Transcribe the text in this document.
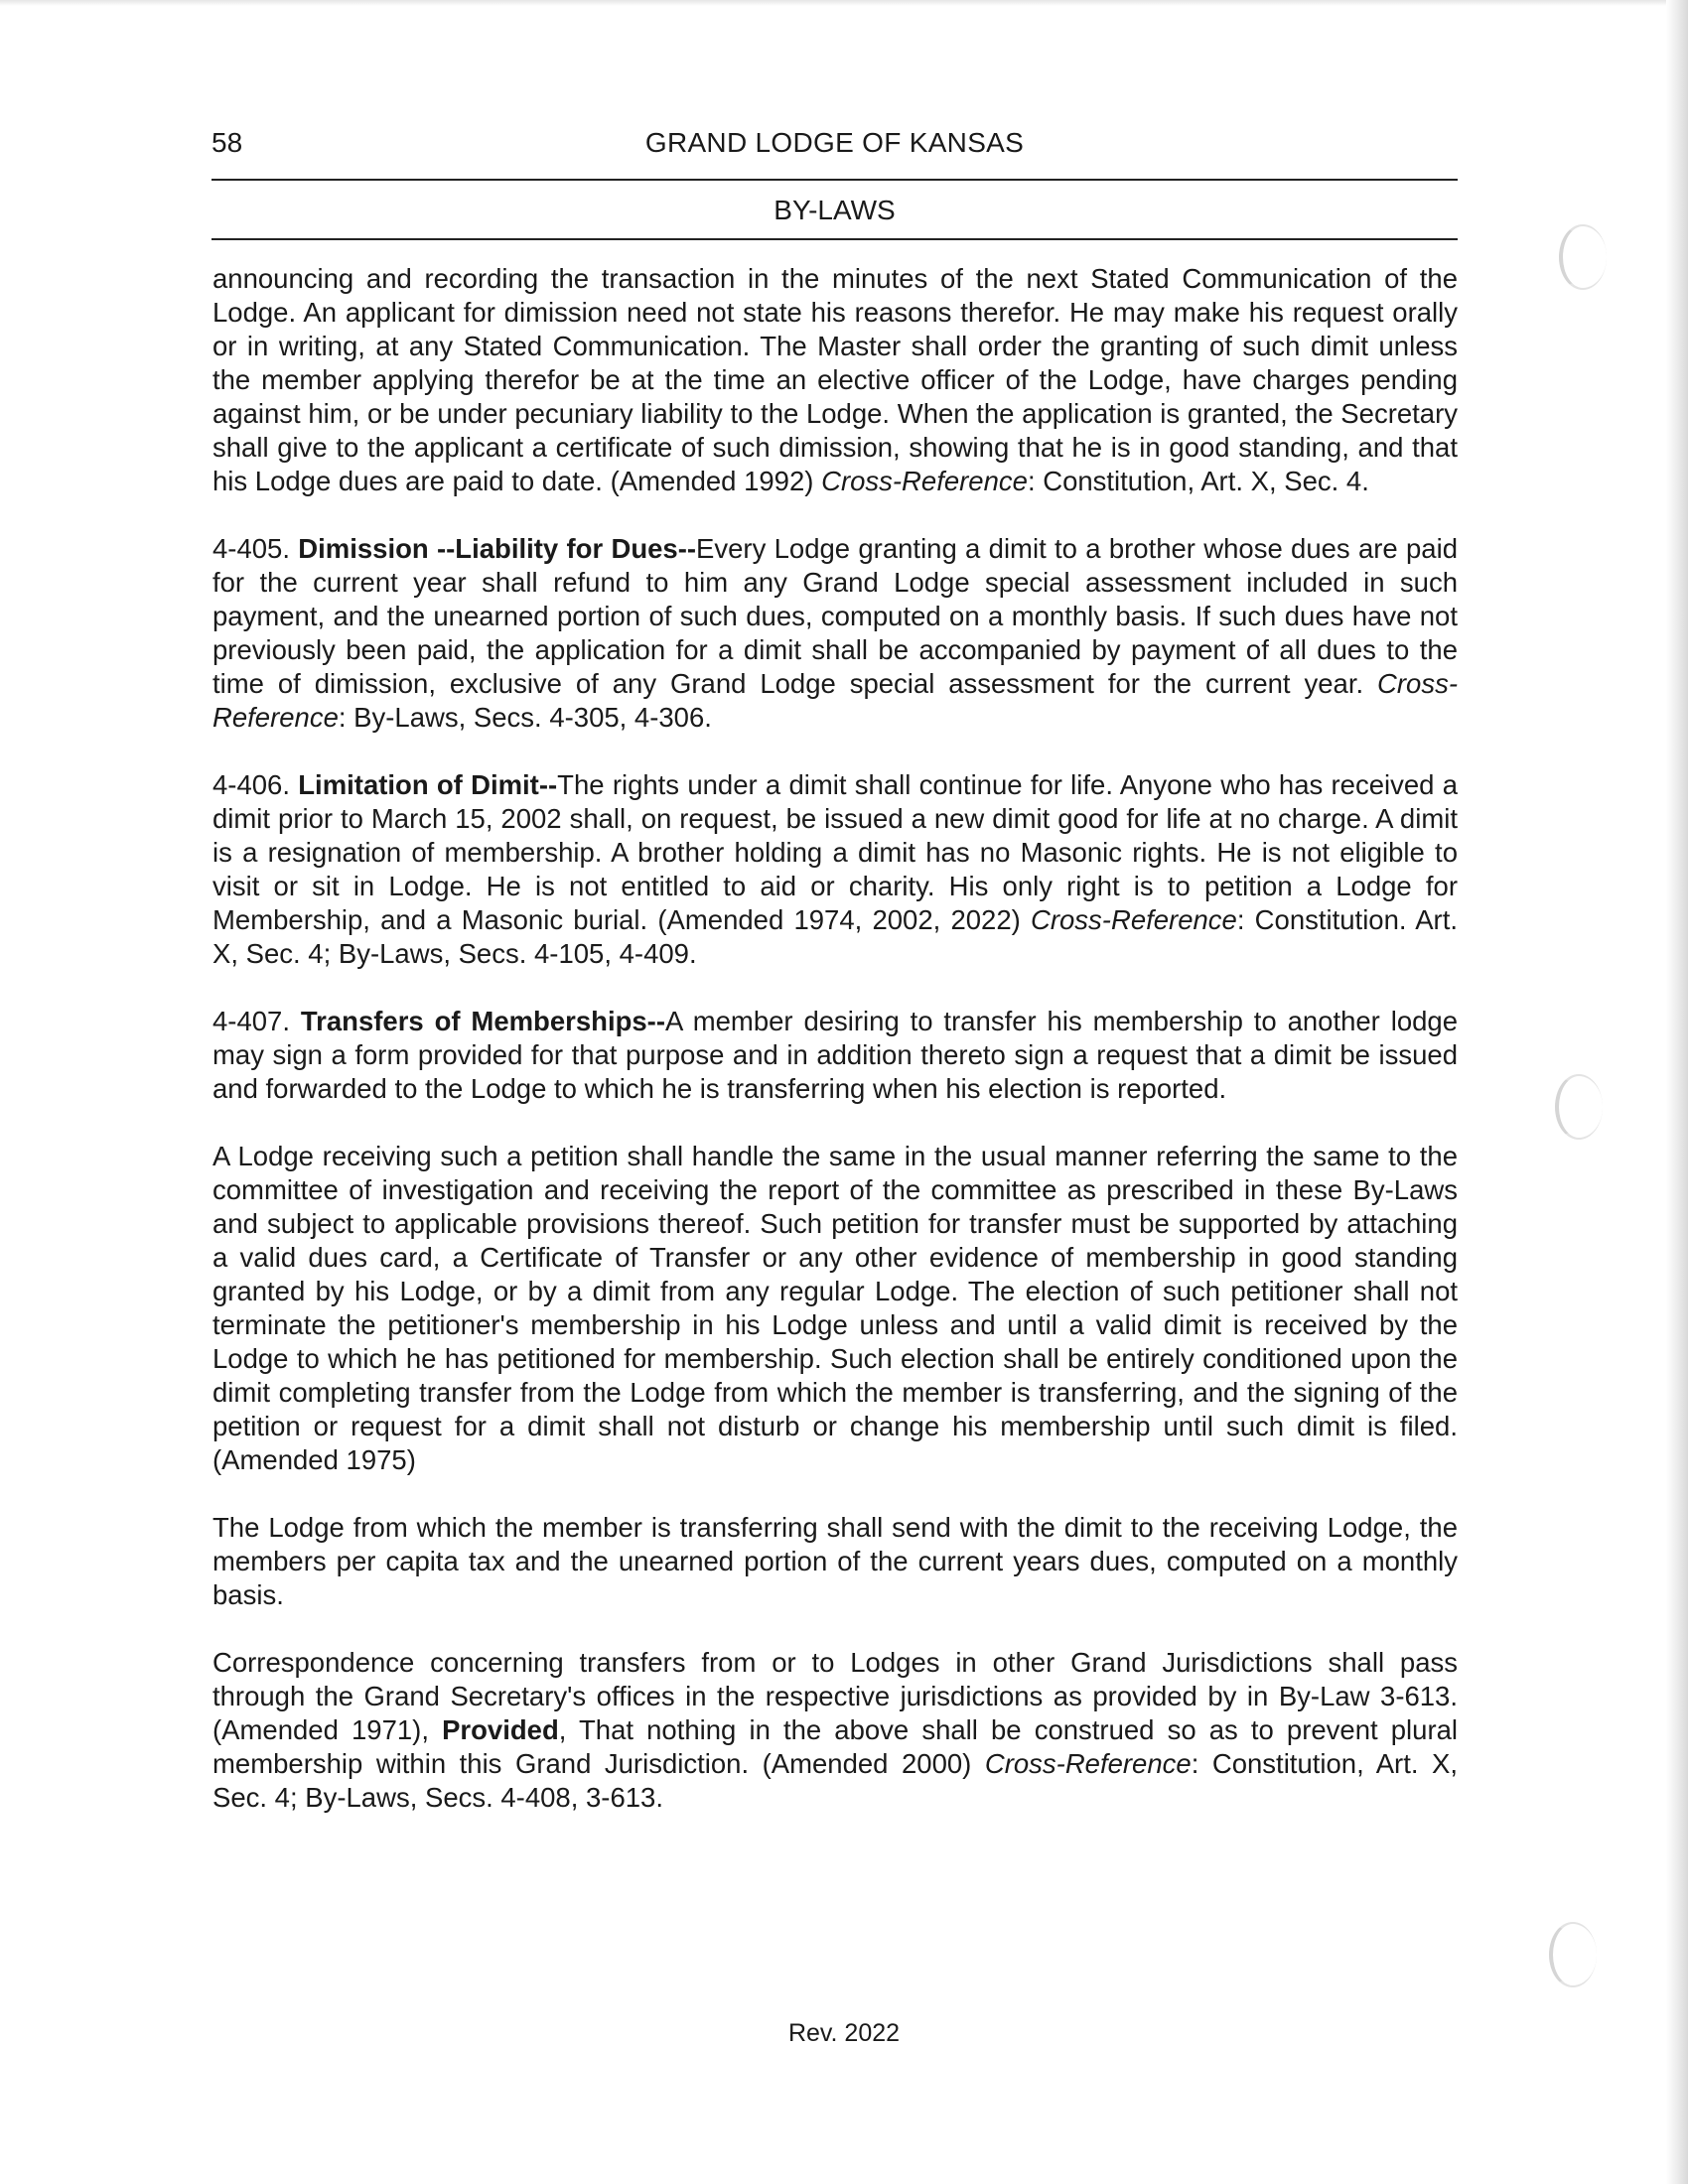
58	GRAND LODGE OF KANSAS
BY-LAWS

announcing and recording the transaction in the minutes of the next Stated Communication of the Lodge. An applicant for dimission need not state his reasons therefor. He may make his request orally or in writing, at any Stated Communication. The Master shall order the granting of such dimit unless the member applying therefor be at the time an elective officer of the Lodge, have charges pending against him, or be under pecuniary liability to the Lodge. When the application is granted, the Secretary shall give to the applicant a certificate of such dimission, showing that he is in good standing, and that his Lodge dues are paid to date. (Amended 1992) Cross-Reference: Constitution, Art. X, Sec. 4.

4-405. Dimission --Liability for Dues--Every Lodge granting a dimit to a brother whose dues are paid for the current year shall refund to him any Grand Lodge special assessment included in such payment, and the unearned portion of such dues, computed on a monthly basis. If such dues have not previously been paid, the application for a dimit shall be accompanied by payment of all dues to the time of dimission, exclusive of any Grand Lodge special assessment for the current year. Cross-Reference: By-Laws, Secs. 4-305, 4-306.

4-406. Limitation of Dimit--The rights under a dimit shall continue for life. Anyone who has received a dimit prior to March 15, 2002 shall, on request, be issued a new dimit good for life at no charge. A dimit is a resignation of membership. A brother holding a dimit has no Masonic rights. He is not eligible to visit or sit in Lodge. He is not entitled to aid or charity. His only right is to petition a Lodge for Membership, and a Masonic burial. (Amended 1974, 2002, 2022) Cross-Reference: Constitution. Art. X, Sec. 4; By-Laws, Secs. 4-105, 4-409.

4-407. Transfers of Memberships--A member desiring to transfer his membership to another lodge may sign a form provided for that purpose and in addition thereto sign a request that a dimit be issued and forwarded to the Lodge to which he is transferring when his election is reported.

A Lodge receiving such a petition shall handle the same in the usual manner referring the same to the committee of investigation and receiving the report of the committee as prescribed in these By-Laws and subject to applicable provisions thereof. Such petition for transfer must be supported by attaching a valid dues card, a Certificate of Transfer or any other evidence of membership in good standing granted by his Lodge, or by a dimit from any regular Lodge. The election of such petitioner shall not terminate the petitioner's membership in his Lodge unless and until a valid dimit is received by the Lodge to which he has petitioned for membership. Such election shall be entirely conditioned upon the dimit completing transfer from the Lodge from which the member is transferring, and the signing of the petition or request for a dimit shall not disturb or change his membership until such dimit is filed. (Amended 1975)

The Lodge from which the member is transferring shall send with the dimit to the receiving Lodge, the members per capita tax and the unearned portion of the current years dues, computed on a monthly basis.

Correspondence concerning transfers from or to Lodges in other Grand Jurisdictions shall pass through the Grand Secretary's offices in the respective jurisdictions as provided by in By-Law 3-613. (Amended 1971), Provided, That nothing in the above shall be construed so as to prevent plural membership within this Grand Jurisdiction. (Amended 2000) Cross-Reference: Constitution, Art. X, Sec. 4; By-Laws, Secs. 4-408, 3-613.

Rev. 2022
